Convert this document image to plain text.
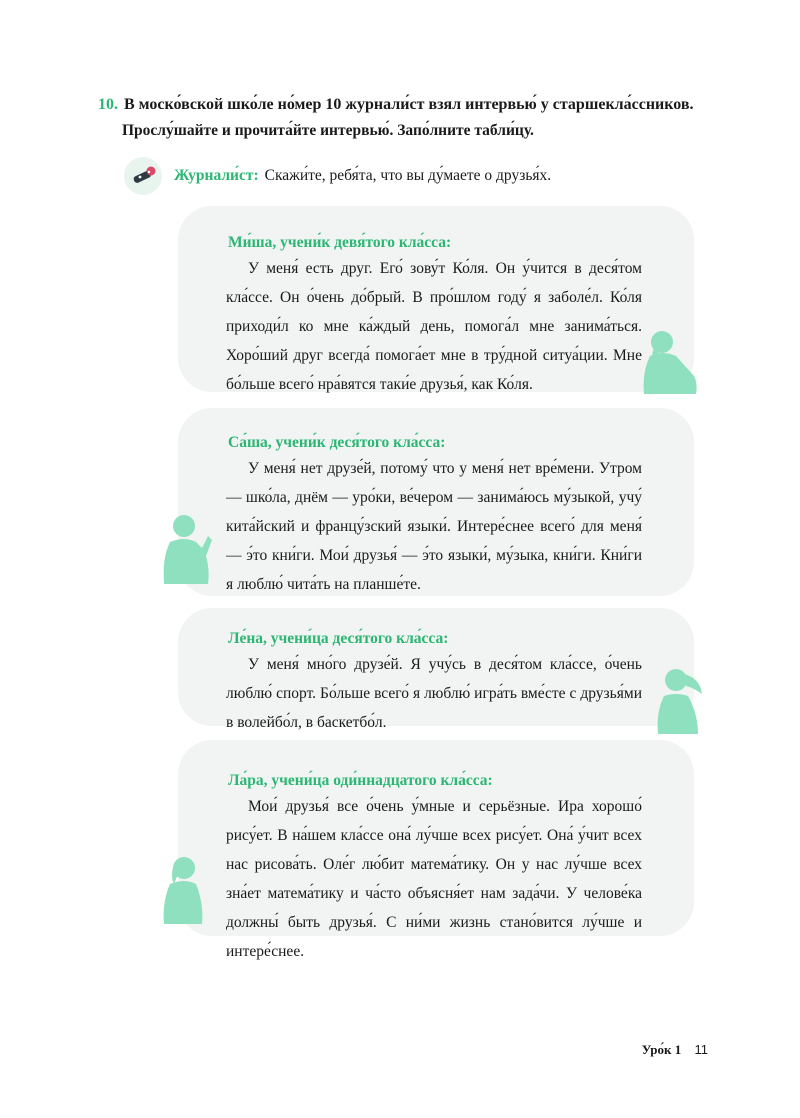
10. В моско́вской шко́ле но́мер 10 журнали́ст взял интервью́ у старшекла́ссников.
Прослу́шайте и прочита́йте интервью́. Запо́лните табли́цу.
Журнали́ст: Скажи́те, ребя́та, что вы ду́маете о друзья́х.
Ми́ша, учени́к девя́того кла́сса:
У меня́ есть друг. Его́ зову́т Ко́ля. Он у́чится в деся́том кла́ссе. Он о́чень до́брый. В про́шлом году́ я заболе́л. Ко́ля приходи́л ко мне ка́ждый день, помога́л мне занима́ться. Хоро́ший друг всегда́ помога́ет мне в тру́дной ситуа́ции. Мне бо́льше всего́ нра́вятся таки́е друзья́, как Ко́ля.
Са́ша, учени́к деся́того кла́сса:
У меня́ нет друзе́й, потому́ что у меня́ нет вре́мени. Утром — шко́ла, днём — уро́ки, ве́чером — занима́юсь му́зыкой, учу́ кита́йский и францу́зский языки́. Интере́снее всего́ для меня́ — э́то кни́ги. Мои́ друзья́ — э́то языки́, му́зыка, кни́ги. Кни́ги я люблю́ чита́ть на планше́те.
Ле́на, учени́ца деся́того кла́сса:
У меня́ мно́го друзе́й. Я учу́сь в деся́том кла́ссе, о́чень люблю́ спорт. Бо́льше всего́ я люблю́ игра́ть вме́сте с друзья́ми в волейбо́л, в баскетбо́л.
Ла́ра, учени́ца оди́ннадцатого кла́сса:
Мои́ друзья́ все о́чень у́мные и серьёзные. Ира хорошо́ рису́ет. В на́шем кла́ссе она́ лу́чше всех рису́ет. Она́ у́чит всех нас рисова́ть. Оле́г лю́бит матема́тику. Он у нас лу́чше всех зна́ет матема́тику и ча́сто объясня́ет нам зада́чи. У челове́ка должны́ быть друзья́. С ни́ми жизнь стано́вится лу́чше и интере́снее.
Уро́к 1 11
